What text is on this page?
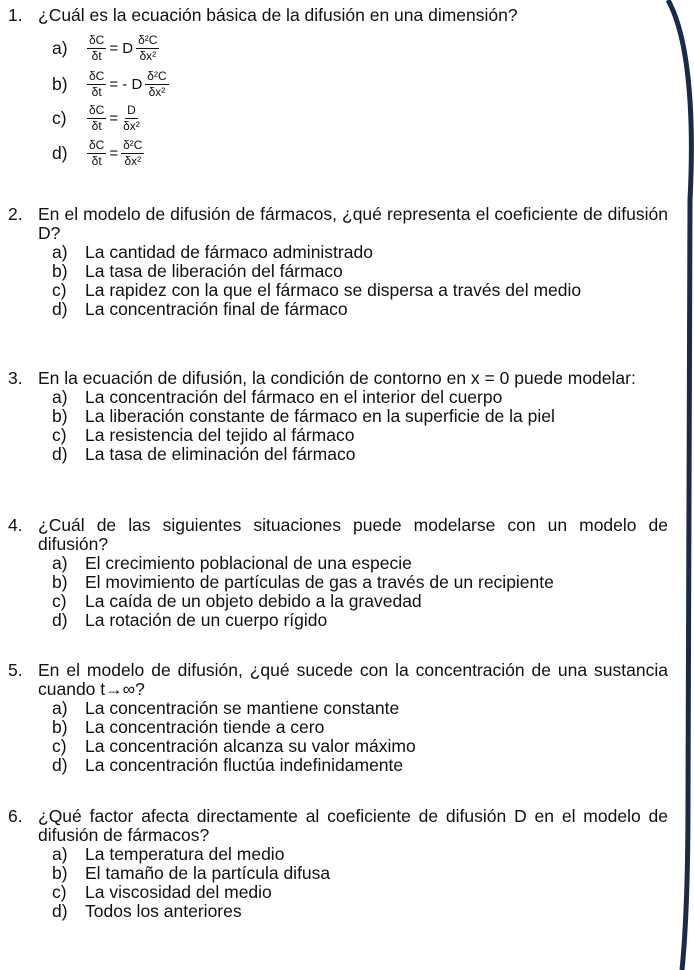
1. ¿Cuál es la ecuación básica de la difusión en una dimensión?
a)	$\frac{\delta C}{\delta t} = D \frac{\text{δ²C}}{\text{δx²}}$
b)	$\frac{\delta C}{\delta t}$ = - D $\frac{\text{δ²C}}{\text{δx²}}$
c)	$\frac{\delta C}{\delta t} = \frac{D}{\text{δx²}}$
d)	$\frac{\delta C}{\delta t} = \frac{\text{δ²C}}{\text{δx²}}$
2. En el modelo de difusión de fármacos, ¿qué representa el coeficiente de difusión D?
a) La cantidad de fármaco administrado
b) La tasa de liberación del fármaco
c)	La rapidez con la que el fármaco se dispersa a través del medio
d) La concentración final de fármaco
3. En la ecuación de difusión, la condición de contorno en x = 0 puede modelar:
a) La concentración del fármaco en el interior del cuerpo
b) La liberación constante de fármaco en la superficie de la piel
c)	La resistencia del tejido al fármaco
d) La tasa de eliminación del fármaco
4. ¿Cuál de las siguientes situaciones puede modelarse con un modelo de difusión?
a) El crecimiento poblacional de una especie
b) El movimiento de partículas de gas a través de un recipiente
c)	La caída de un objeto debido a la gravedad
d) La rotación de un cuerpo rígido
5. En el modelo de difusión, ¿qué sucede con la concentración de una sustancia cuando t→∞?
a) La concentración se mantiene constante
b) La concentración tiende a cero
c)	La concentración alcanza su valor máximo
d) La concentración fluctúa indefinidamente
6. ¿Qué factor afecta directamente al coeficiente de difusión D en el modelo de difusión de fármacos?
a) La temperatura del medio
b) El tamaño de la partícula difusa
c)	La viscosidad del medio
d) Todos los anteriores
